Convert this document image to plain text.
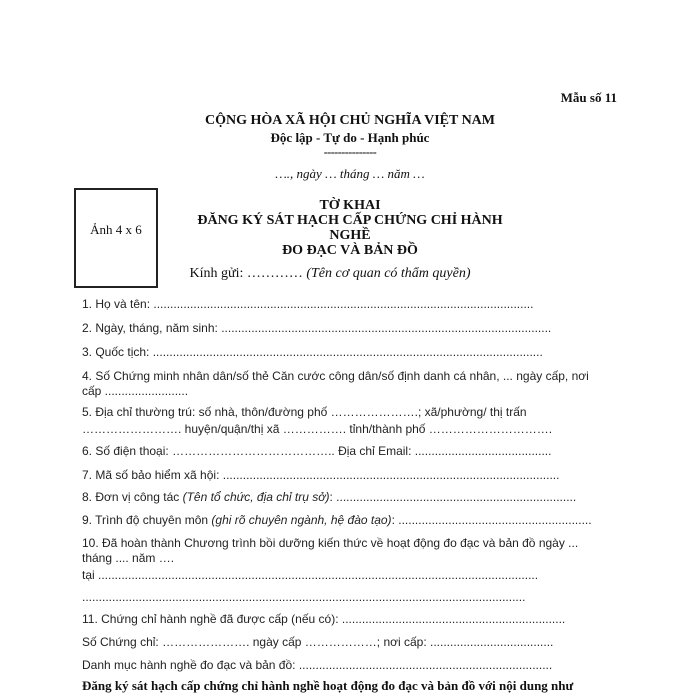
Mẫu số 11
CỘNG HÒA XÃ HỘI CHỦ NGHĨA VIỆT NAM
Độc lập - Tự do - Hạnh phúc
---------------
…., ngày … tháng … năm …
Ảnh 4 x 6
TỜ KHAI
ĐĂNG KÝ SÁT HẠCH CẤP CHỨNG CHỈ HÀNH
NGHỀ
ĐO ĐẠC VÀ BẢN ĐỒ
Kính gửi: ………… (Tên cơ quan có thẩm quyền)
1. Họ và tên: ..................................................................................................................
2. Ngày, tháng, năm sinh: ...................................................................................................
3. Quốc tịch: .....................................................................................................................
4. Số Chứng minh nhân dân/số thẻ Căn cước công dân/số định danh cá nhân, ... ngày cấp, nơi
cấp .........................
5. Địa chỉ thường trú: số nhà, thôn/đường phố ………………….; xã/phường/ thị trấn
……………………. huyện/quận/thị xã ……………. tỉnh/thành phố ………………………….
6. Số điện thoại: ………………………………….. Địa chỉ Email: .........................................
7. Mã số bảo hiểm xã hội: .....................................................................................................
8. Đơn vị công tác (Tên tổ chức, địa chỉ trụ sở): ........................................................................
9. Trình độ chuyên môn (ghi rõ chuyên ngành, hệ đào tạo): ..........................................................
10. Đã hoàn thành Chương trình bồi dưỡng kiến thức về hoạt động đo đạc và bản đồ ngày ...
tháng .... năm ….
tại ....................................................................................................................................
.....................................................................................................................................
11. Chứng chỉ hành nghề đã được cấp (nếu có): ...................................................................
Số Chứng chỉ: …………………. ngày cấp ………………; nơi cấp: .....................................
Danh mục hành nghề đo đạc và bản đồ: ............................................................................
Đăng ký sát hạch cấp chứng chỉ hành nghề hoạt động đo đạc và bản đồ với nội dung như
